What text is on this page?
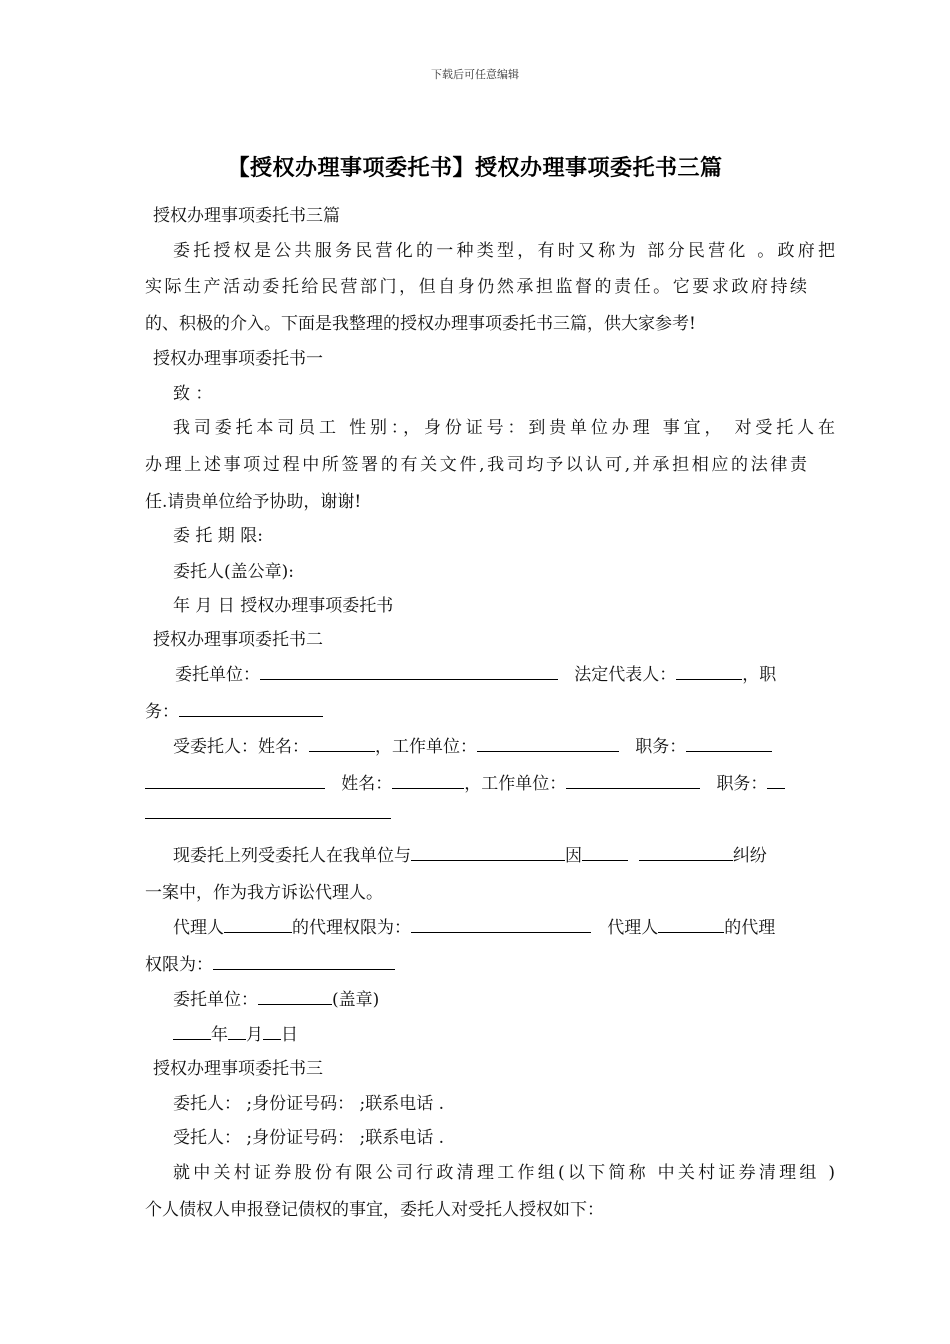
下载后可任意编辑
【授权办理事项委托书】授权办理事项委托书三篇
授权办理事项委托书三篇
委托授权是公共服务民营化的一种类型，有时又称为 部分民营化 。政府把
实际生产活动委托给民营部门，但自身仍然承担监督的责任。它要求政府持续
的、积极的介入。下面是我整理的授权办理事项委托书三篇，供大家参考!
授权办理事项委托书一
致 ：
我司委托本司员工 性别：，身份证号：到贵单位办理 事宜， 对受托人在
办理上述事项过程中所签署的有关文件,我司均予以认可,并承担相应的法律责
任.请贵单位给予协助，谢谢!
委 托 期 限:
委托人(盖公章):
年 月 日 授权办理事项委托书
授权办理事项委托书二
委托单位：	法定代表人：	，职
务：
受委托人：姓名：	，工作单位：	职务：
姓名：	，工作单位：	职务：
现委托上列受委托人在我单位与	因	纠纷
一案中，作为我方诉讼代理人。
代理人	的代理权限为：	代理人	的代理
权限为：
委托单位：	(盖章)
年 月 日
授权办理事项委托书三
委托人： ;身份证号码： ;联系电话 .
受托人： ;身份证号码： ;联系电话 .
就中关村证券股份有限公司行政清理工作组(以下简称 中关村证券清理组 )
个人债权人申报登记债权的事宜，委托人对受托人授权如下：
